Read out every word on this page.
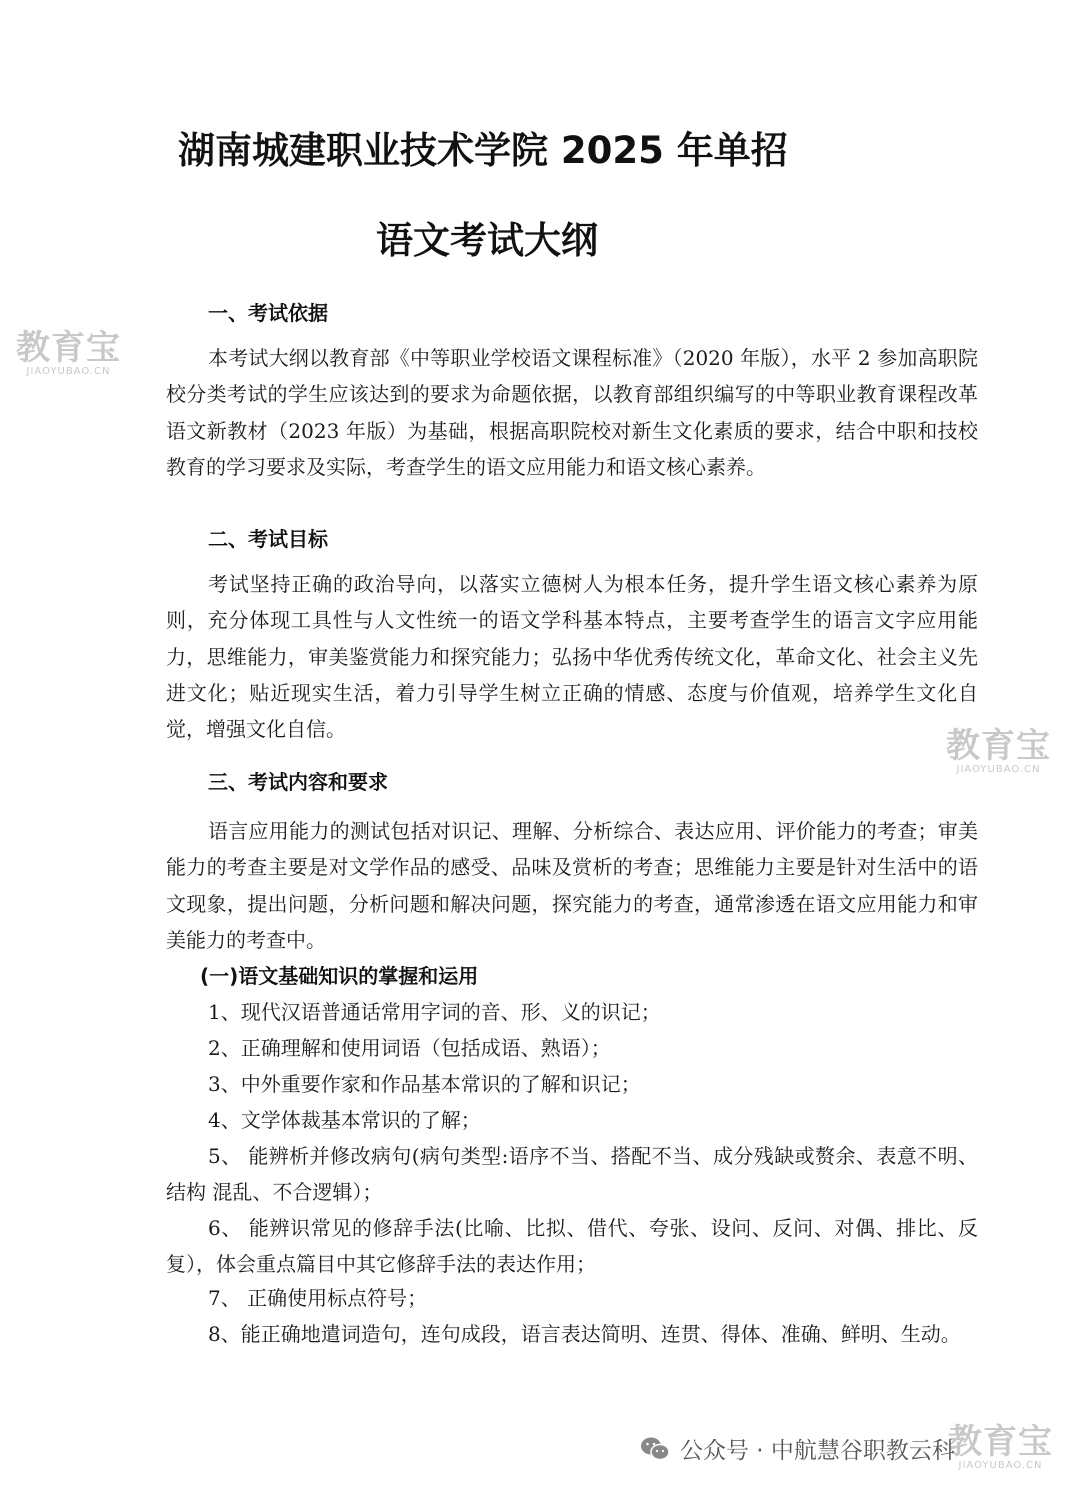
湖南城建职业技术学院 2025 年单招
语文考试大纲
一、考试依据
本考试大纲以教育部《中等职业学校语文课程标准》（2020 年版），水平 2 参加高职院校分类考试的学生应该达到的要求为命题依据，以教育部组织编写的中等职业教育课程改革语文新教材（2023 年版）为基础，根据高职院校对新生文化素质的要求，结合中职和技校教育的学习要求及实际，考查学生的语文应用能力和语文核心素养。
二、考试目标
考试坚持正确的政治导向，以落实立德树人为根本任务，提升学生语文核心素养为原则，充分体现工具性与人文性统一的语文学科基本特点，主要考查学生的语言文字应用能力，思维能力，审美鉴赏能力和探究能力；弘扬中华优秀传统文化，革命文化、社会主义先进文化；贴近现实生活，着力引导学生树立正确的情感、态度与价值观，培养学生文化自觉，增强文化自信。
三、考试内容和要求
语言应用能力的测试包括对识记、理解、分析综合、表达应用、评价能力的考查；审美能力的考查主要是对文学作品的感受、品味及赏析的考查；思维能力主要是针对生活中的语文现象，提出问题，分析问题和解决问题，探究能力的考查，通常渗透在语文应用能力和审美能力的考查中。
(一)语文基础知识的掌握和运用
1、现代汉语普通话常用字词的音、形、义的识记；
2、正确理解和使用词语（包括成语、熟语）；
3、中外重要作家和作品基本常识的了解和识记；
4、文学体裁基本常识的了解；
5、 能辨析并修改病句(病句类型:语序不当、搭配不当、成分残缺或赘余、表意不明、结构 混乱、不合逻辑）；
6、 能辨识常见的修辞手法(比喻、比拟、借代、夸张、设问、反问、对偶、排比、反复），体会重点篇目中其它修辞手法的表达作用；
7、 正确使用标点符号；
8、能正确地遣词造句，连句成段，语言表达简明、连贯、得体、准确、鲜明、生动。
教育宝
JIAOYUBAO.CN
教育宝
JIAOYUBAO.CN
教育宝
JIAOYUBAO.CN
公众号 · 中航慧谷职教云科
